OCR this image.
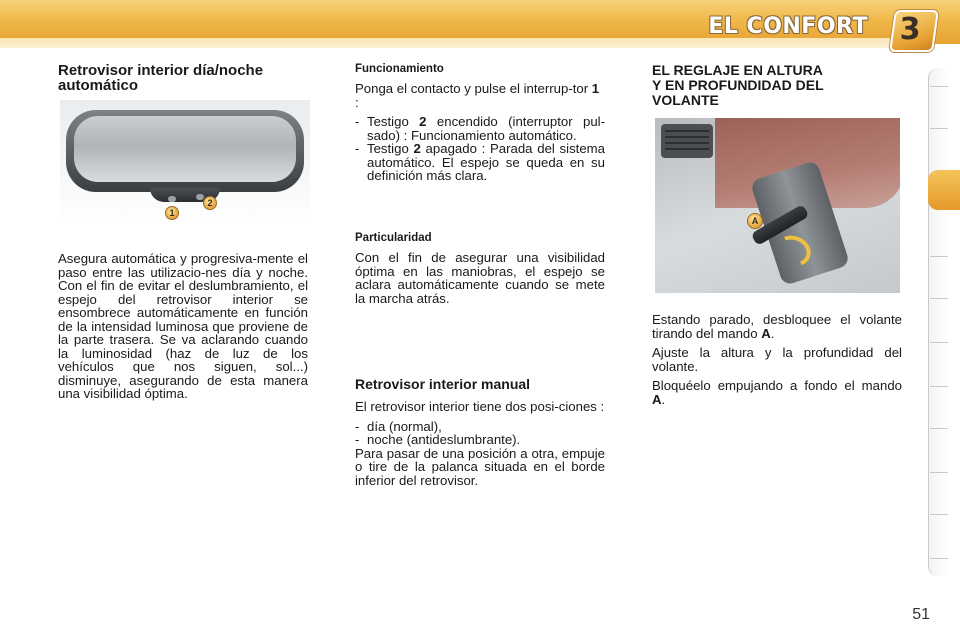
EL CONFORT 3
Retrovisor interior día/noche automático
1
2

Asegura automática y progresiva-mente el paso entre las utilizacio-nes día y noche. Con el fin de evitar el deslumbramiento, el espejo del retrovisor interior se ensombrece automáticamente en función de la intensidad luminosa que proviene de la parte trasera. Se va aclarando cuando la luminosidad (haz de luz de los vehículos que nos siguen, sol...) disminuye, asegurando de esta manera una visibilidad óptima.

Funcionamiento

Ponga el contacto y pulse el interrup-tor 1 :

- Testigo 2 encendido (interruptor pul-sado) : Funcionamiento automático.
- Testigo 2 apagado : Parada del sistema automático. El espejo se queda en su definición más clara.
Particularidad

Con el fin de asegurar una visibilidad óptima en las maniobras, el espejo se aclara automáticamente cuando se mete la marcha atrás.

Retrovisor interior manual

El retrovisor interior tiene dos posi-ciones :

- día (normal),
- noche (antideslumbrante).

Para pasar de una posición a otra, empuje o tire de la palanca situada en el borde inferior del retrovisor.

EL REGLAJE EN ALTURA
Y EN PROFUNDIDAD DEL
VOLANTE
A

Estando parado, desbloquee el volante tirando del mando A.

Ajuste la altura y la profundidad del volante.

Bloquéelo empujando a fondo el mando A.

51
